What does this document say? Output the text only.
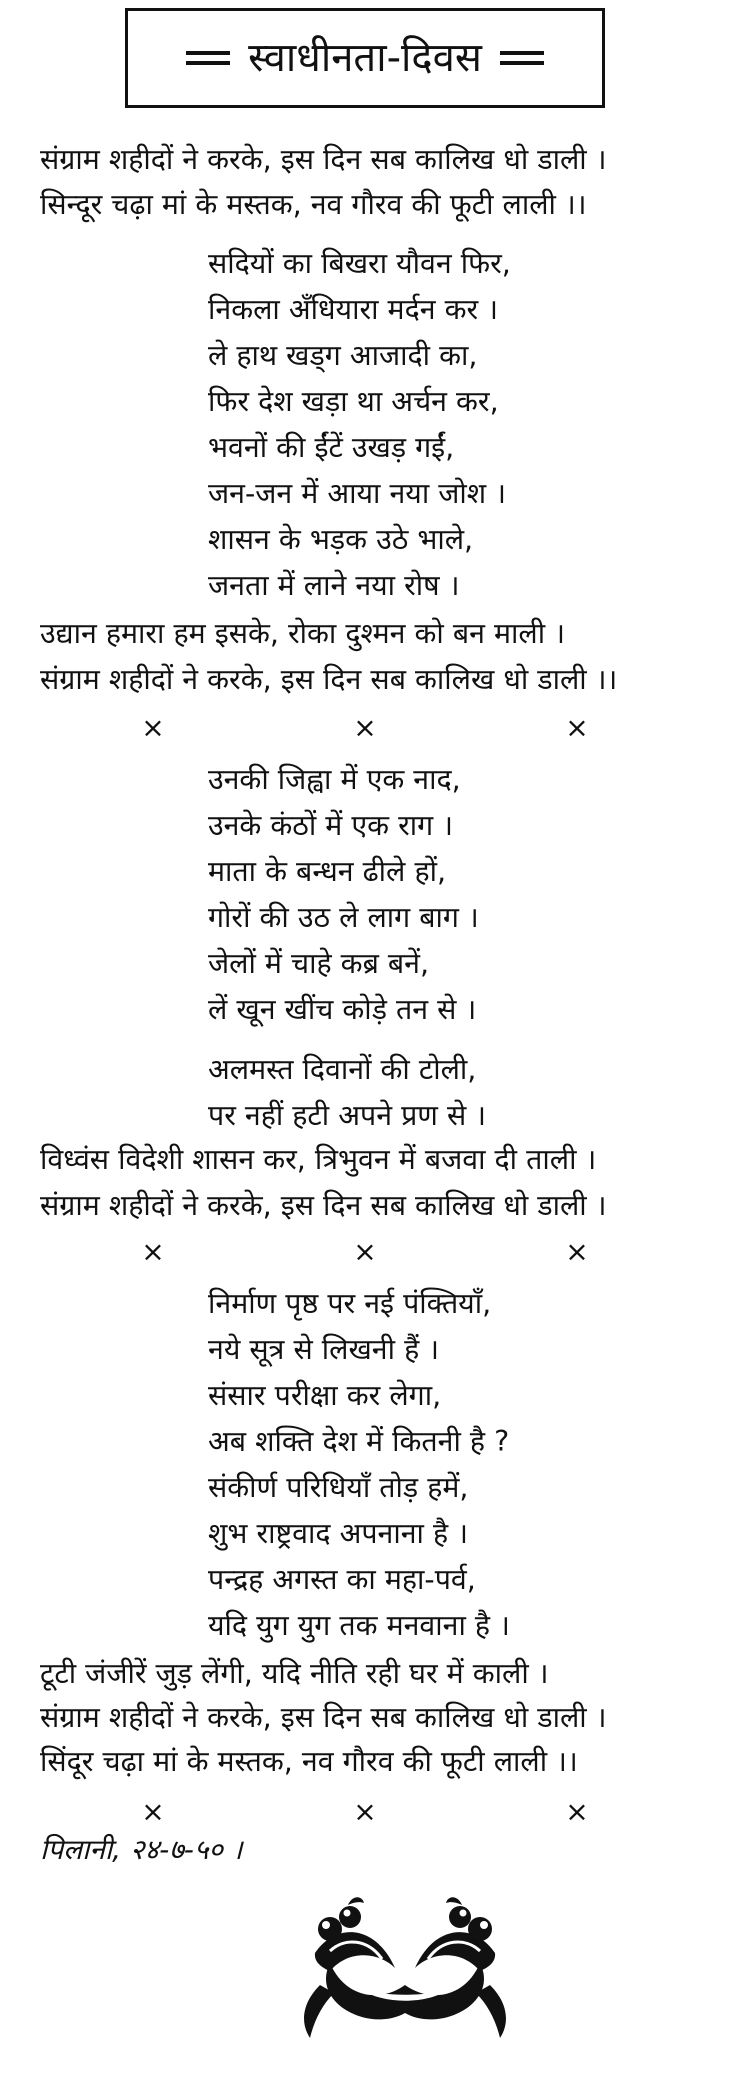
स्वाधीनता-दिवस
संग्राम शहीदों ने करके, इस दिन सब कालिख धो डाली ।
सिन्दूर चढ़ा मां के मस्तक, नव गौरव की फूटी लाली ।।
सदियों का बिखरा यौवन फिर,
निकला अँधियारा मर्दन कर ।
ले हाथ खड्ग आजादी का,
फिर देश खड़ा था अर्चन कर,
भवनों की ईंटें उखड़ गईं,
जन-जन में आया नया जोश ।
शासन के भड़क उठे भाले,
जनता में लाने नया रोष ।
उद्यान हमारा हम इसके, रोका दुश्मन को बन माली ।
संग्राम शहीदों ने करके, इस दिन सब कालिख धो डाली ।।
×	×	×
उनकी जिह्वा में एक नाद,
उनके कंठों में एक राग ।
माता के बन्धन ढीले हों,
गोरों की उठ ले लाग बाग ।
जेलों में चाहे कब्र बनें,
लें खून खींच कोड़े तन से ।
अलमस्त दिवानों की टोली,
पर नहीं हटी अपने प्रण से ।
विध्वंस विदेशी शासन कर, त्रिभुवन में बजवा दी ताली ।
संग्राम शहीदों ने करके, इस दिन सब कालिख धो डाली ।
×	×	×
निर्माण पृष्ठ पर नई पंक्तियाँ,
नये सूत्र से लिखनी हैं ।
संसार परीक्षा कर लेगा,
अब शक्ति देश में कितनी है ?
संकीर्ण परिधियाँ तोड़ हमें,
शुभ राष्ट्रवाद अपनाना है ।
पन्द्रह अगस्त का महा-पर्व,
यदि युग युग तक मनवाना है ।
टूटी जंजीरें जुड़ लेंगी, यदि नीति रही घर में काली ।
संग्राम शहीदों ने करके, इस दिन सब कालिख धो डाली ।
सिंदूर चढ़ा मां के मस्तक, नव गौरव की फूटी लाली ।।
×	×	×
पिलानी, २४-७-५० ।
